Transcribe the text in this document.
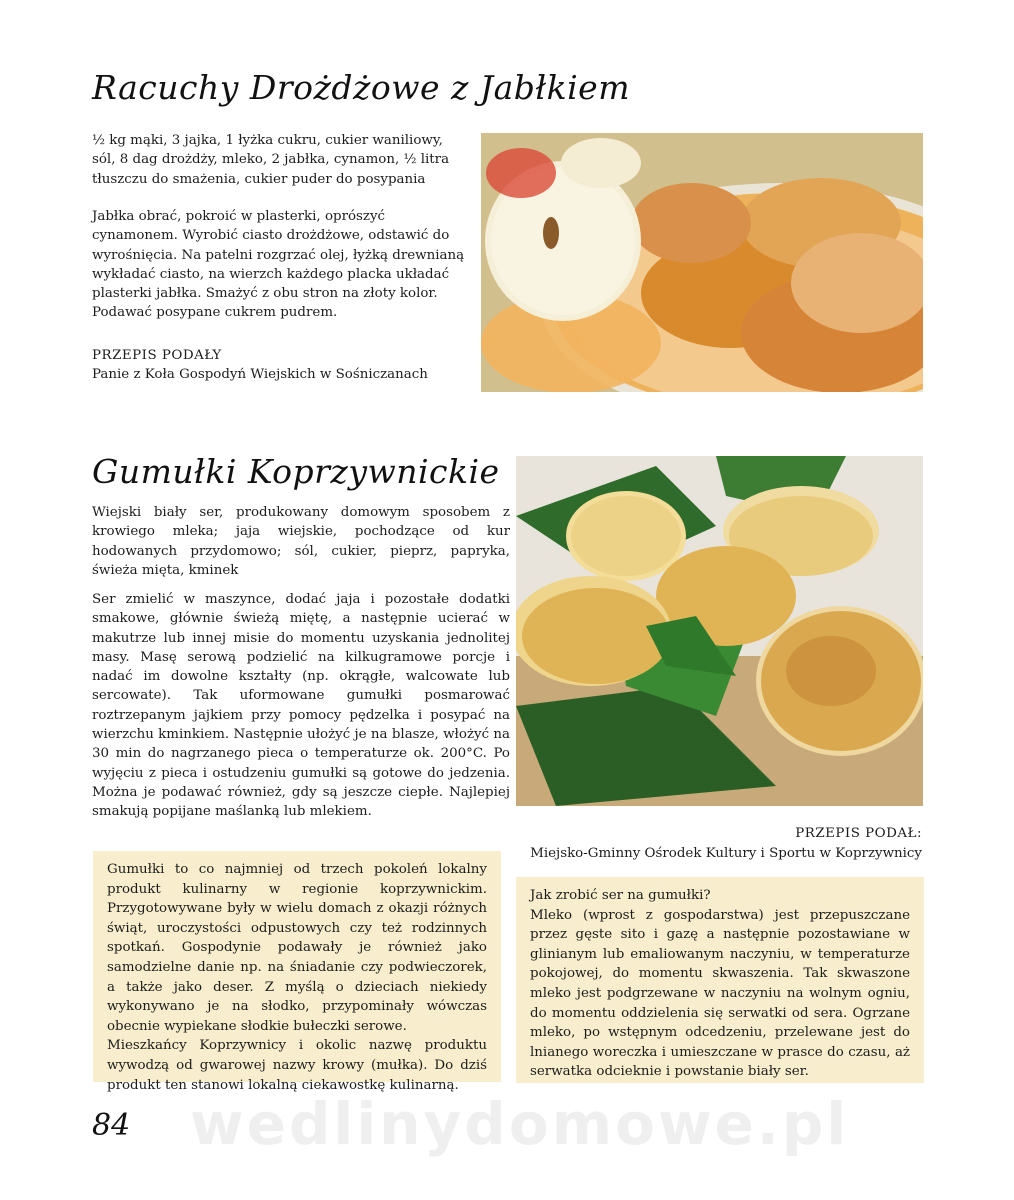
Racuchy Drożdżowe z Jabłkiem

½ kg mąki, 3 jajka, 1 łyżka cukru, cukier waniliowy, sól, 8 dag drożdży, mleko, 2 jabłka, cynamon, ½ litra tłuszczu do smażenia, cukier puder do posypania

Jabłka obrać, pokroić w plasterki, oprószyć cynamonem. Wyrobić ciasto drożdżowe, odstawić do wyrośnięcia. Na patelni rozgrzać olej, łyżką drewnianą wykładać ciasto, na wierzch każdego placka układać plasterki jabłka. Smażyć z obu stron na złoty kolor. Podawać posypane cukrem pudrem.

PRZEPIS PODAŁY

Panie z Koła Gospodyń Wiejskich w Sośniczanach

Gumułki Koprzywnickie

Wiejski biały ser, produkowany domowym sposobem z krowiego mleka; jaja wiejskie, pochodzące od kur hodowanych przydomowo; sól, cukier, pieprz, papryka, świeża mięta, kminek

Ser zmielić w maszynce, dodać jaja i pozostałe dodatki smakowe, głównie świeżą miętę, a następnie ucierać w makutrze lub innej misie do momentu uzyskania jednolitej masy. Masę serową podzielić na kilkugramowe porcje i nadać im dowolne kształty (np. okrągłe, walcowate lub sercowate). Tak uformowane gumułki posmarować roztrzepanym jajkiem przy pomocy pędzelka i posypać na wierzchu kminkiem. Następnie ułożyć je na blasze, włożyć na 30 min do nagrzanego pieca o temperaturze ok. 200°C. Po wyjęciu z pieca i ostudzeniu gumułki są gotowe do jedzenia. Można je podawać również, gdy są jeszcze ciepłe. Najlepiej smakują popijane maślanką lub mlekiem.

PRZEPIS PODAŁ:

Miejsko-Gminny Ośrodek Kultury i Sportu w Koprzywnicy

Gumułki to co najmniej od trzech pokoleń lokalny produkt kulinarny w regionie koprzywnickim. Przygotowywane były w wielu domach z okazji różnych świąt, uroczystości odpustowych czy też rodzinnych spotkań. Gospodynie podawały je również jako samodzielne danie np. na śniadanie czy podwieczorek, a także jako deser. Z myślą o dzieciach niekiedy wykonywano je na słodko, przypominały wówczas obecnie wypiekane słodkie bułeczki serowe.

Mieszkańcy Koprzywnicy i okolic nazwę produktu wywodzą od gwarowej nazwy krowy (mułka). Do dziś produkt ten stanowi lokalną ciekawostkę kulinarną.

Jak zrobić ser na gumułki?

Mleko (wprost z gospodarstwa) jest przepuszczane przez gęste sito i gazę a następnie pozostawiane w glinianym lub emaliowanym naczyniu, w temperaturze pokojowej, do momentu skwaszenia. Tak skwaszone mleko jest podgrzewane w naczyniu na wolnym ogniu, do momentu oddzielenia się serwatki od sera. Ogrzane mleko, po wstępnym odcedzeniu, przelewane jest do lnianego woreczka i umieszczane w prasce do czasu, aż serwatka odcieknie i powstanie biały ser.

84 wedlinydomowe.pl
